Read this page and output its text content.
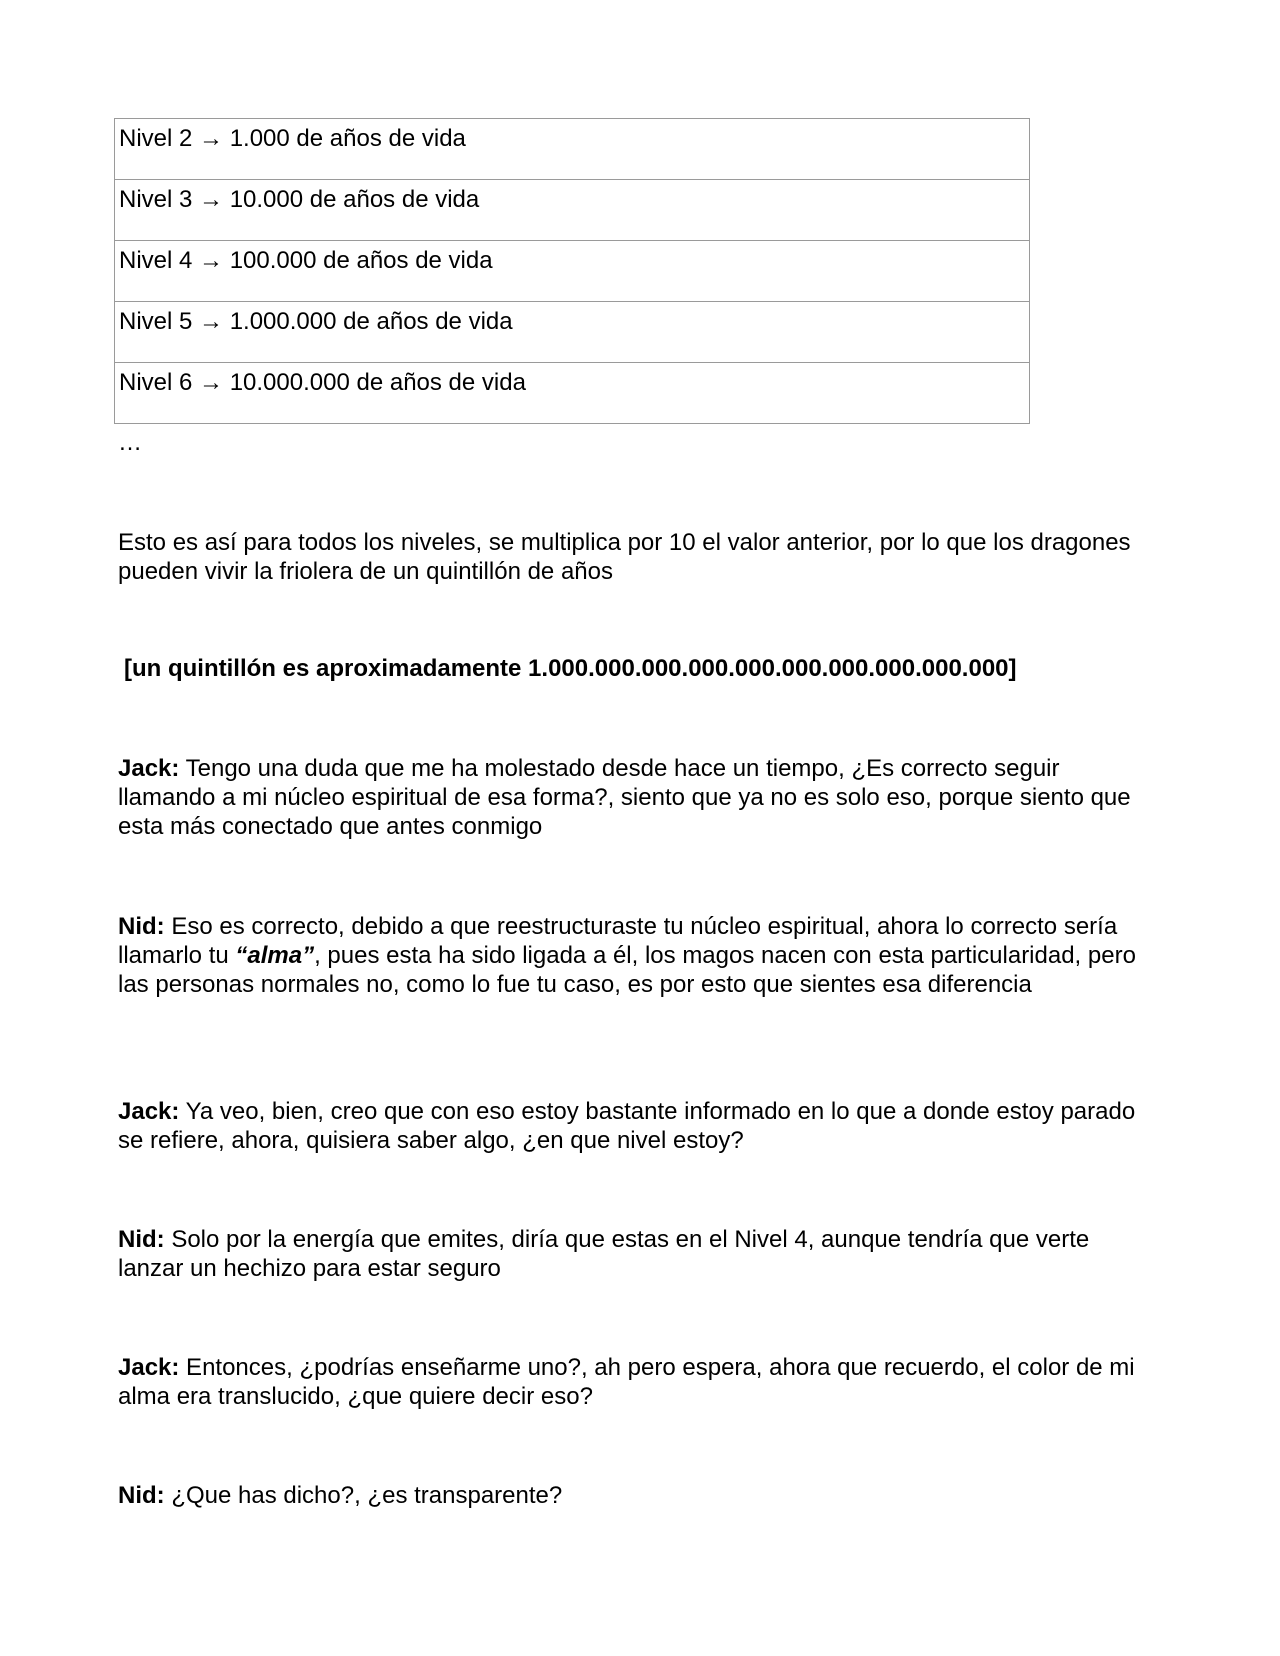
Nivel 2 → 1.000 de años de vida
Nivel 3 → 10.000 de años de vida
Nivel 4 → 100.000 de años de vida
Nivel 5 → 1.000.000 de años de vida
Nivel 6 → 10.000.000 de años de vida
…

Esto es así para todos los niveles, se multiplica por 10 el valor anterior, por lo que los dragones pueden vivir la friolera de un quintillón de años

[un quintillón es aproximadamente 1.000.000.000.000.000.000.000.000.000.000]

Jack: Tengo una duda que me ha molestado desde hace un tiempo, ¿Es correcto seguir llamando a mi núcleo espiritual de esa forma?, siento que ya no es solo eso, porque siento que esta más conectado que antes conmigo

Nid: Eso es correcto, debido a que reestructuraste tu núcleo espiritual, ahora lo correcto sería llamarlo tu “alma”, pues esta ha sido ligada a él, los magos nacen con esta particularidad, pero las personas normales no, como lo fue tu caso, es por esto que sientes esa diferencia

Jack: Ya veo, bien, creo que con eso estoy bastante informado en lo que a donde estoy parado se refiere, ahora, quisiera saber algo, ¿en que nivel estoy?

Nid: Solo por la energía que emites, diría que estas en el Nivel 4, aunque tendría que verte lanzar un hechizo para estar seguro

Jack: Entonces, ¿podrías enseñarme uno?, ah pero espera, ahora que recuerdo, el color de mi alma era translucido, ¿que quiere decir eso?

Nid: ¿Que has dicho?, ¿es transparente?
